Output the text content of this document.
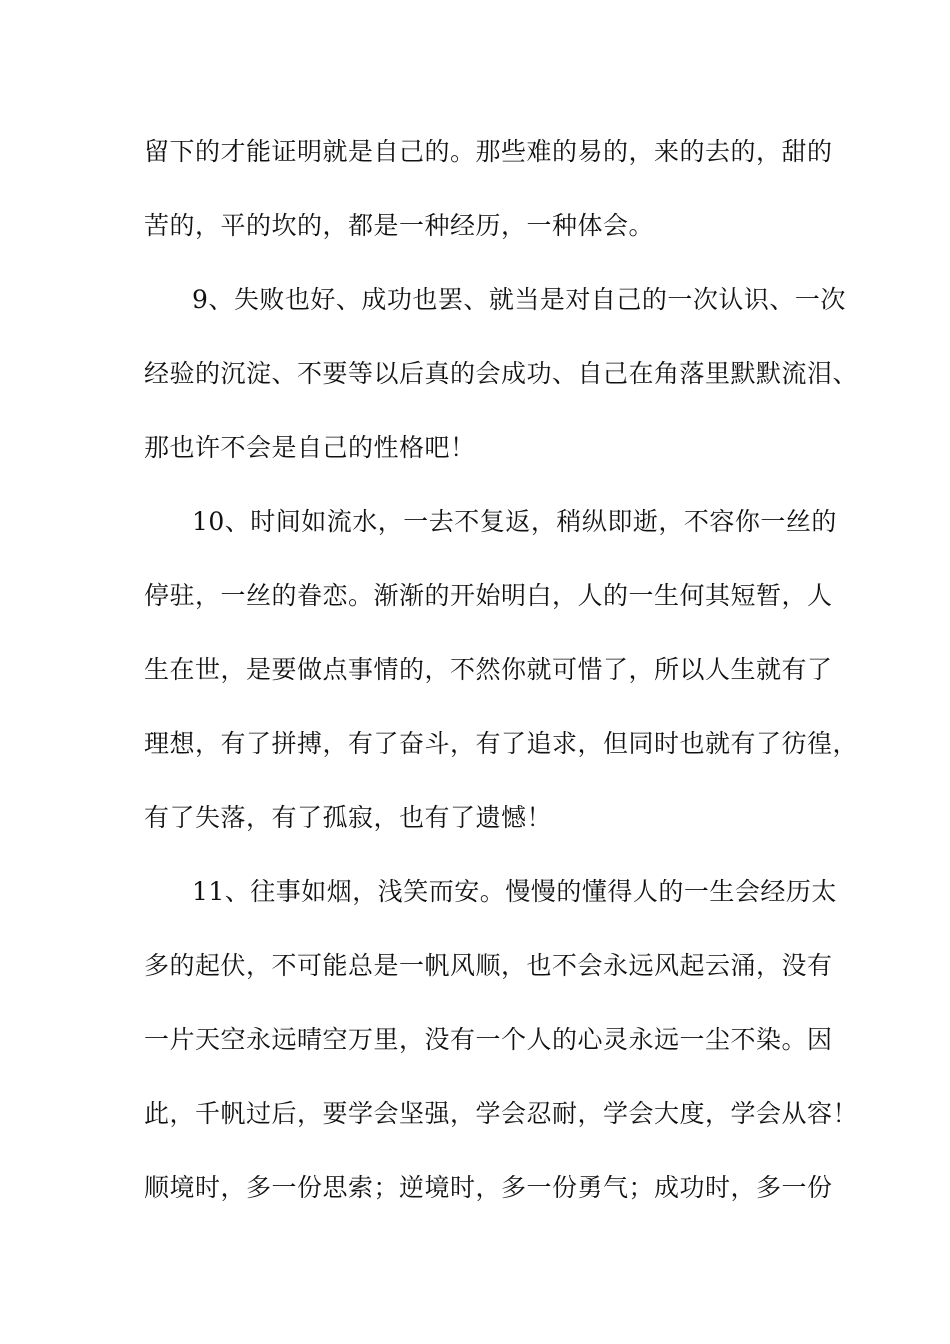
留下的才能证明就是自己的。那些难的易的，来的去的，甜的
苦的，平的坎的，都是一种经历，一种体会。
9、失败也好、成功也罢、就当是对自己的一次认识、一次
经验的沉淀、不要等以后真的会成功、自己在角落里默默流泪、
那也许不会是自己的性格吧！
10、时间如流水，一去不复返，稍纵即逝，不容你一丝的
停驻，一丝的眷恋。渐渐的开始明白，人的一生何其短暂，人
生在世，是要做点事情的，不然你就可惜了，所以人生就有了
理想，有了拼搏，有了奋斗，有了追求，但同时也就有了彷徨，
有了失落，有了孤寂，也有了遗憾！
11、往事如烟，浅笑而安。慢慢的懂得人的一生会经历太
多的起伏，不可能总是一帆风顺，也不会永远风起云涌，没有
一片天空永远晴空万里，没有一个人的心灵永远一尘不染。因
此，千帆过后，要学会坚强，学会忍耐，学会大度，学会从容！
顺境时，多一份思索；逆境时，多一份勇气；成功时，多一份
